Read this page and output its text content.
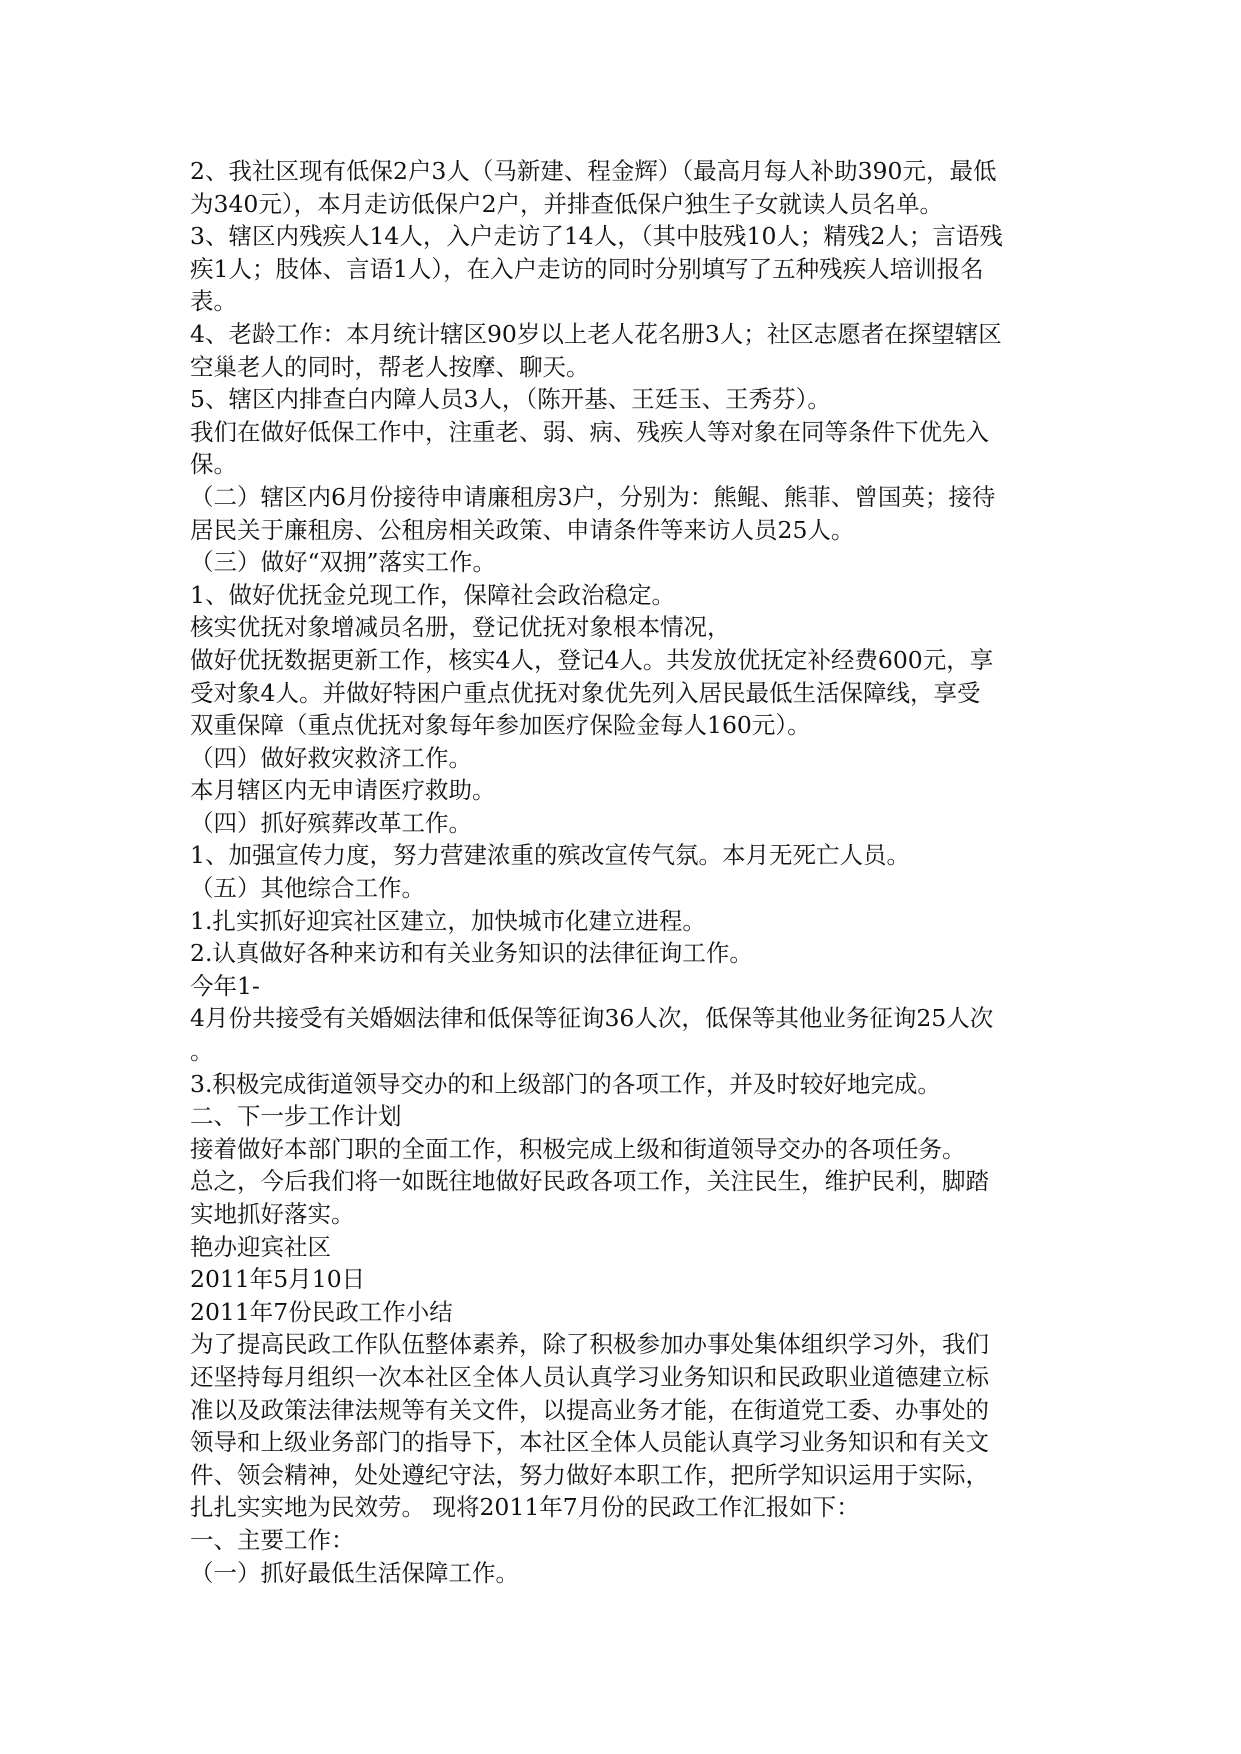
2、我社区现有低保2户3人（马新建、程金辉）（最高月每人补助390元，最低

为340元），本月走访低保户2户，并排查低保户独生子女就读人员名单。

3、辖区内残疾人14人，入户走访了14人，（其中肢残10人；精残2人；言语残

疾1人；肢体、言语1人），在入户走访的同时分别填写了五种残疾人培训报名

表。

4、老龄工作：本月统计辖区90岁以上老人花名册3人；社区志愿者在探望辖区

空巢老人的同时，帮老人按摩、聊天。

5、辖区内排查白内障人员3人，（陈开基、王廷玉、王秀芬）。

我们在做好低保工作中，注重老、弱、病、残疾人等对象在同等条件下优先入

保。

（二）辖区内6月份接待申请廉租房3户，分别为：熊鲲、熊菲、曾国英；接待

居民关于廉租房、公租房相关政策、申请条件等来访人员25人。

（三）做好“双拥”落实工作。

1、做好优抚金兑现工作，保障社会政治稳定。

核实优抚对象增减员名册，登记优抚对象根本情况，

做好优抚数据更新工作，核实4人，登记4人。共发放优抚定补经费600元，享

受对象4人。并做好特困户重点优抚对象优先列入居民最低生活保障线，享受

双重保障（重点优抚对象每年参加医疗保险金每人160元）。

（四）做好救灾救济工作。

本月辖区内无申请医疗救助。

（四）抓好殡葬改革工作。

1、加强宣传力度，努力营建浓重的殡改宣传气氛。本月无死亡人员。

（五）其他综合工作。

1.扎实抓好迎宾社区建立，加快城市化建立进程。

2.认真做好各种来访和有关业务知识的法律征询工作。

今年1-

4月份共接受有关婚姻法律和低保等征询36人次，低保等其他业务征询25人次

。

3.积极完成街道领导交办的和上级部门的各项工作，并及时较好地完成。

二、下一步工作计划

接着做好本部门职的全面工作，积极完成上级和街道领导交办的各项任务。

总之，今后我们将一如既往地做好民政各项工作，关注民生，维护民利，脚踏

实地抓好落实。

艳办迎宾社区

2011年5月10日

2011年7份民政工作小结

为了提高民政工作队伍整体素养，除了积极参加办事处集体组织学习外，我们

还坚持每月组织一次本社区全体人员认真学习业务知识和民政职业道德建立标

准以及政策法律法规等有关文件，以提高业务才能，在街道党工委、办事处的

领导和上级业务部门的指导下，本社区全体人员能认真学习业务知识和有关文

件、领会精神，处处遵纪守法，努力做好本职工作，把所学知识运用于实际，

扎扎实实地为民效劳。 现将2011年7月份的民政工作汇报如下：

一、主要工作：

（一）抓好最低生活保障工作。
